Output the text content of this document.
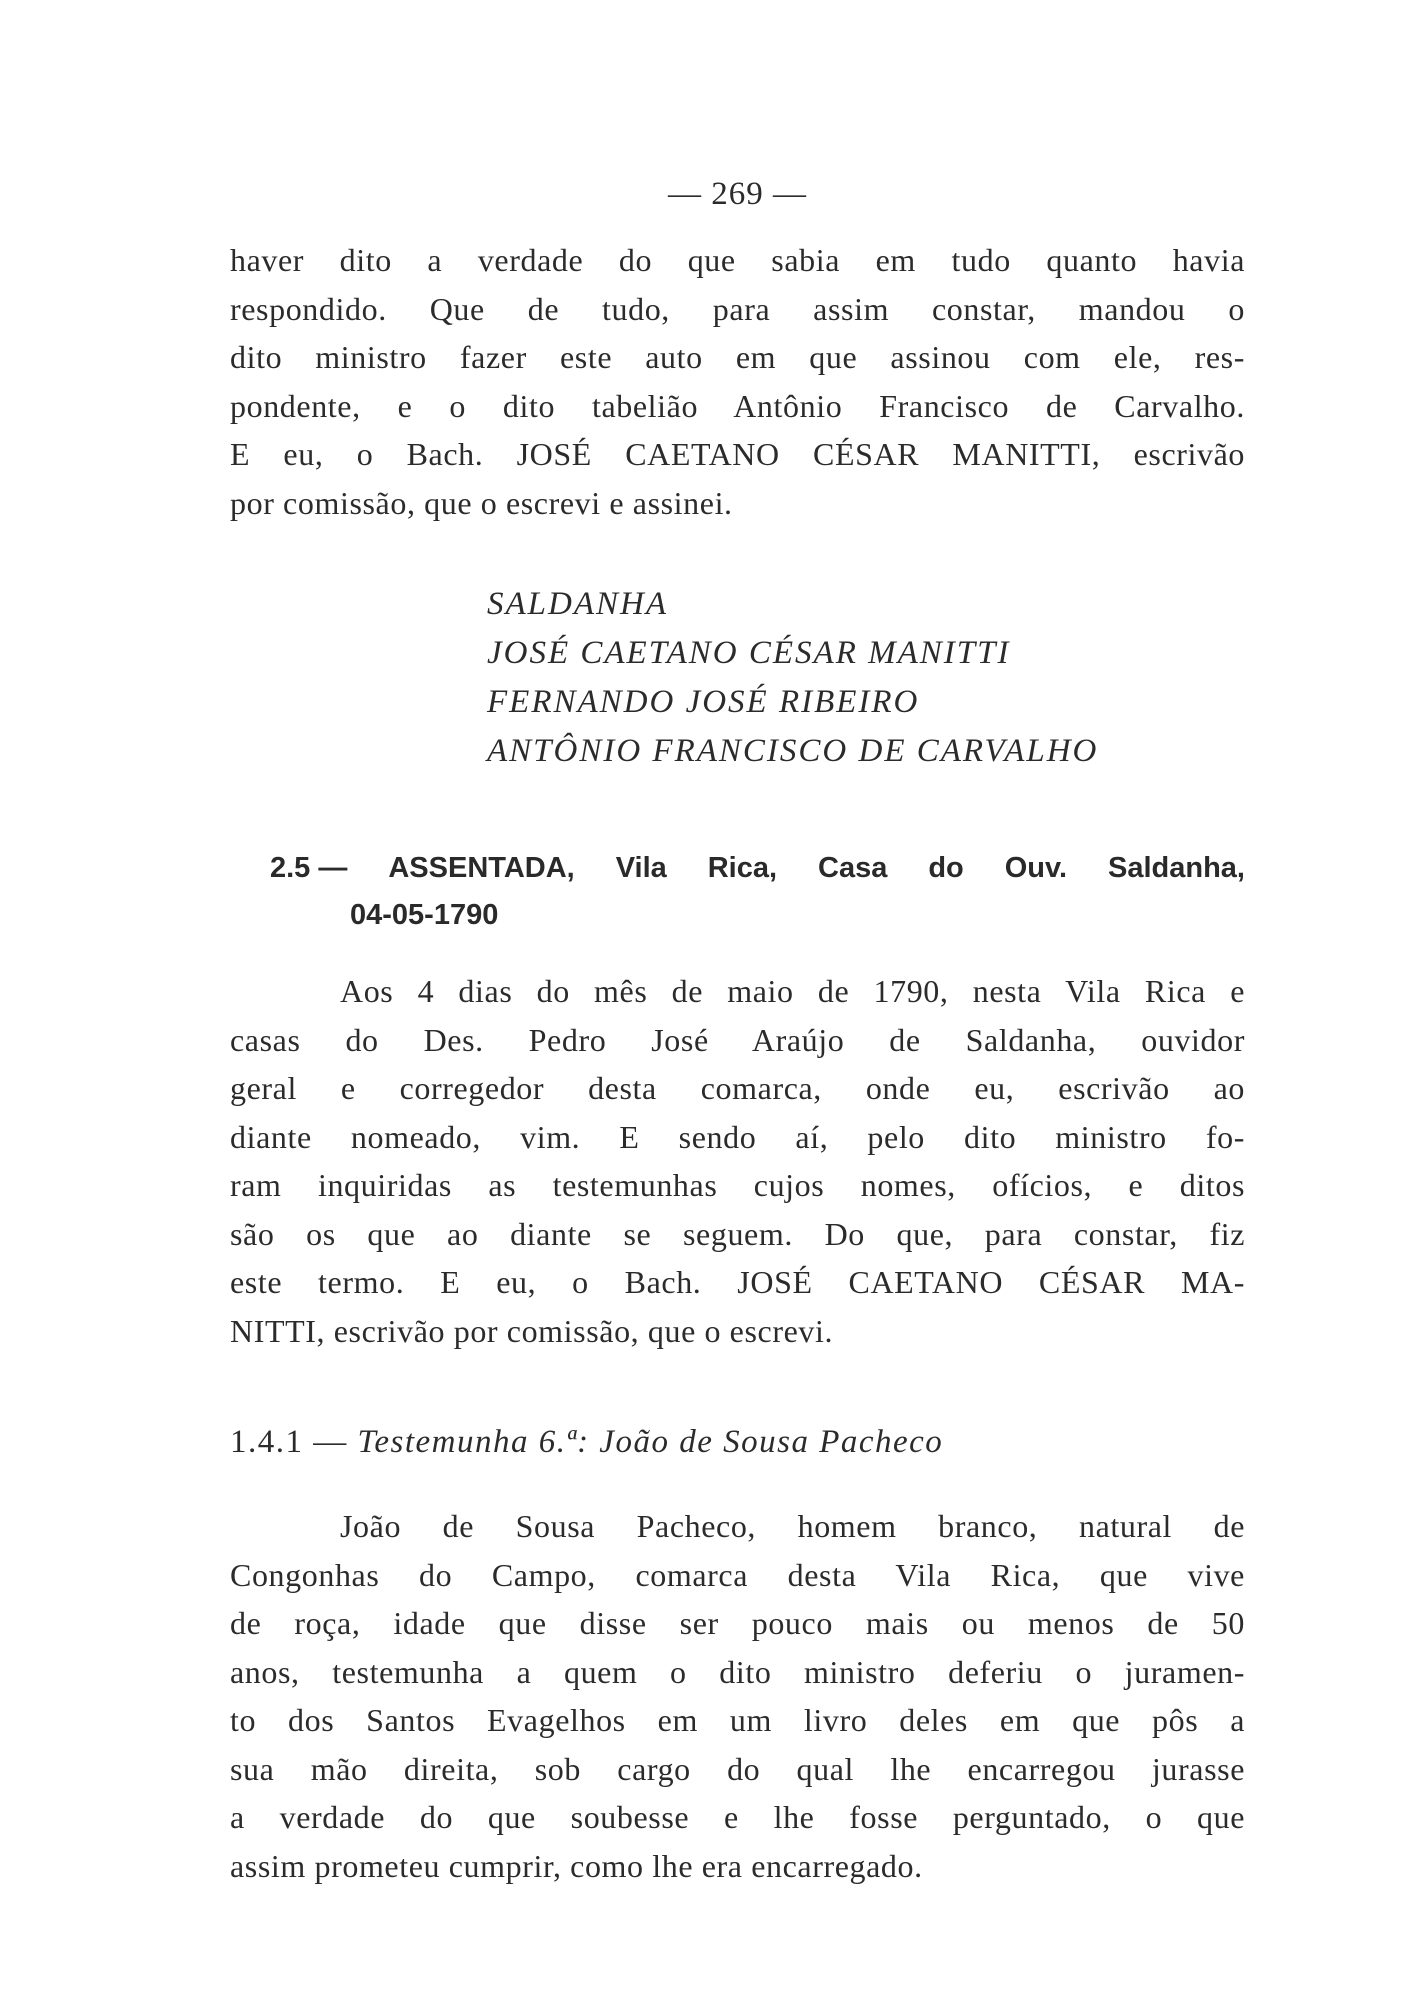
— 269 —
haver dito a verdade do que sabia em tudo quanto havia
respondido. Que de tudo, para assim constar, mandou o
dito ministro fazer este auto em que assinou com ele, res-
pondente, e o dito tabelião Antônio Francisco de Carvalho.
E eu, o Bach. JOSÉ CAETANO CÉSAR MANITTI, escrivão
por comissão, que o escrevi e assinei.
SALDANHA
JOSÉ CAETANO CÉSAR MANITTI
FERNANDO JOSÉ RIBEIRO
ANTÔNIO FRANCISCO DE CARVALHO
2.5 — ASSENTADA, Vila Rica, Casa do Ouv. Saldanha,
04-05-1790
Aos 4 dias do mês de maio de 1790, nesta Vila Rica e
casas do Des. Pedro José Araújo de Saldanha, ouvidor
geral e corregedor desta comarca, onde eu, escrivão ao
diante nomeado, vim. E sendo aí, pelo dito ministro fo-
ram inquiridas as testemunhas cujos nomes, ofícios, e ditos
são os que ao diante se seguem. Do que, para constar, fiz
este termo. E eu, o Bach. JOSÉ CAETANO CÉSAR MA-
NITTI, escrivão por comissão, que o escrevi.
1.4.1 — Testemunha 6.ª: João de Sousa Pacheco
João de Sousa Pacheco, homem branco, natural de
Congonhas do Campo, comarca desta Vila Rica, que vive
de roça, idade que disse ser pouco mais ou menos de 50
anos, testemunha a quem o dito ministro deferiu o juramen-
to dos Santos Evagelhos em um livro deles em que pôs a
sua mão direita, sob cargo do qual lhe encarregou jurasse
a verdade do que soubesse e lhe fosse perguntado, o que
assim prometeu cumprir, como lhe era encarregado.
